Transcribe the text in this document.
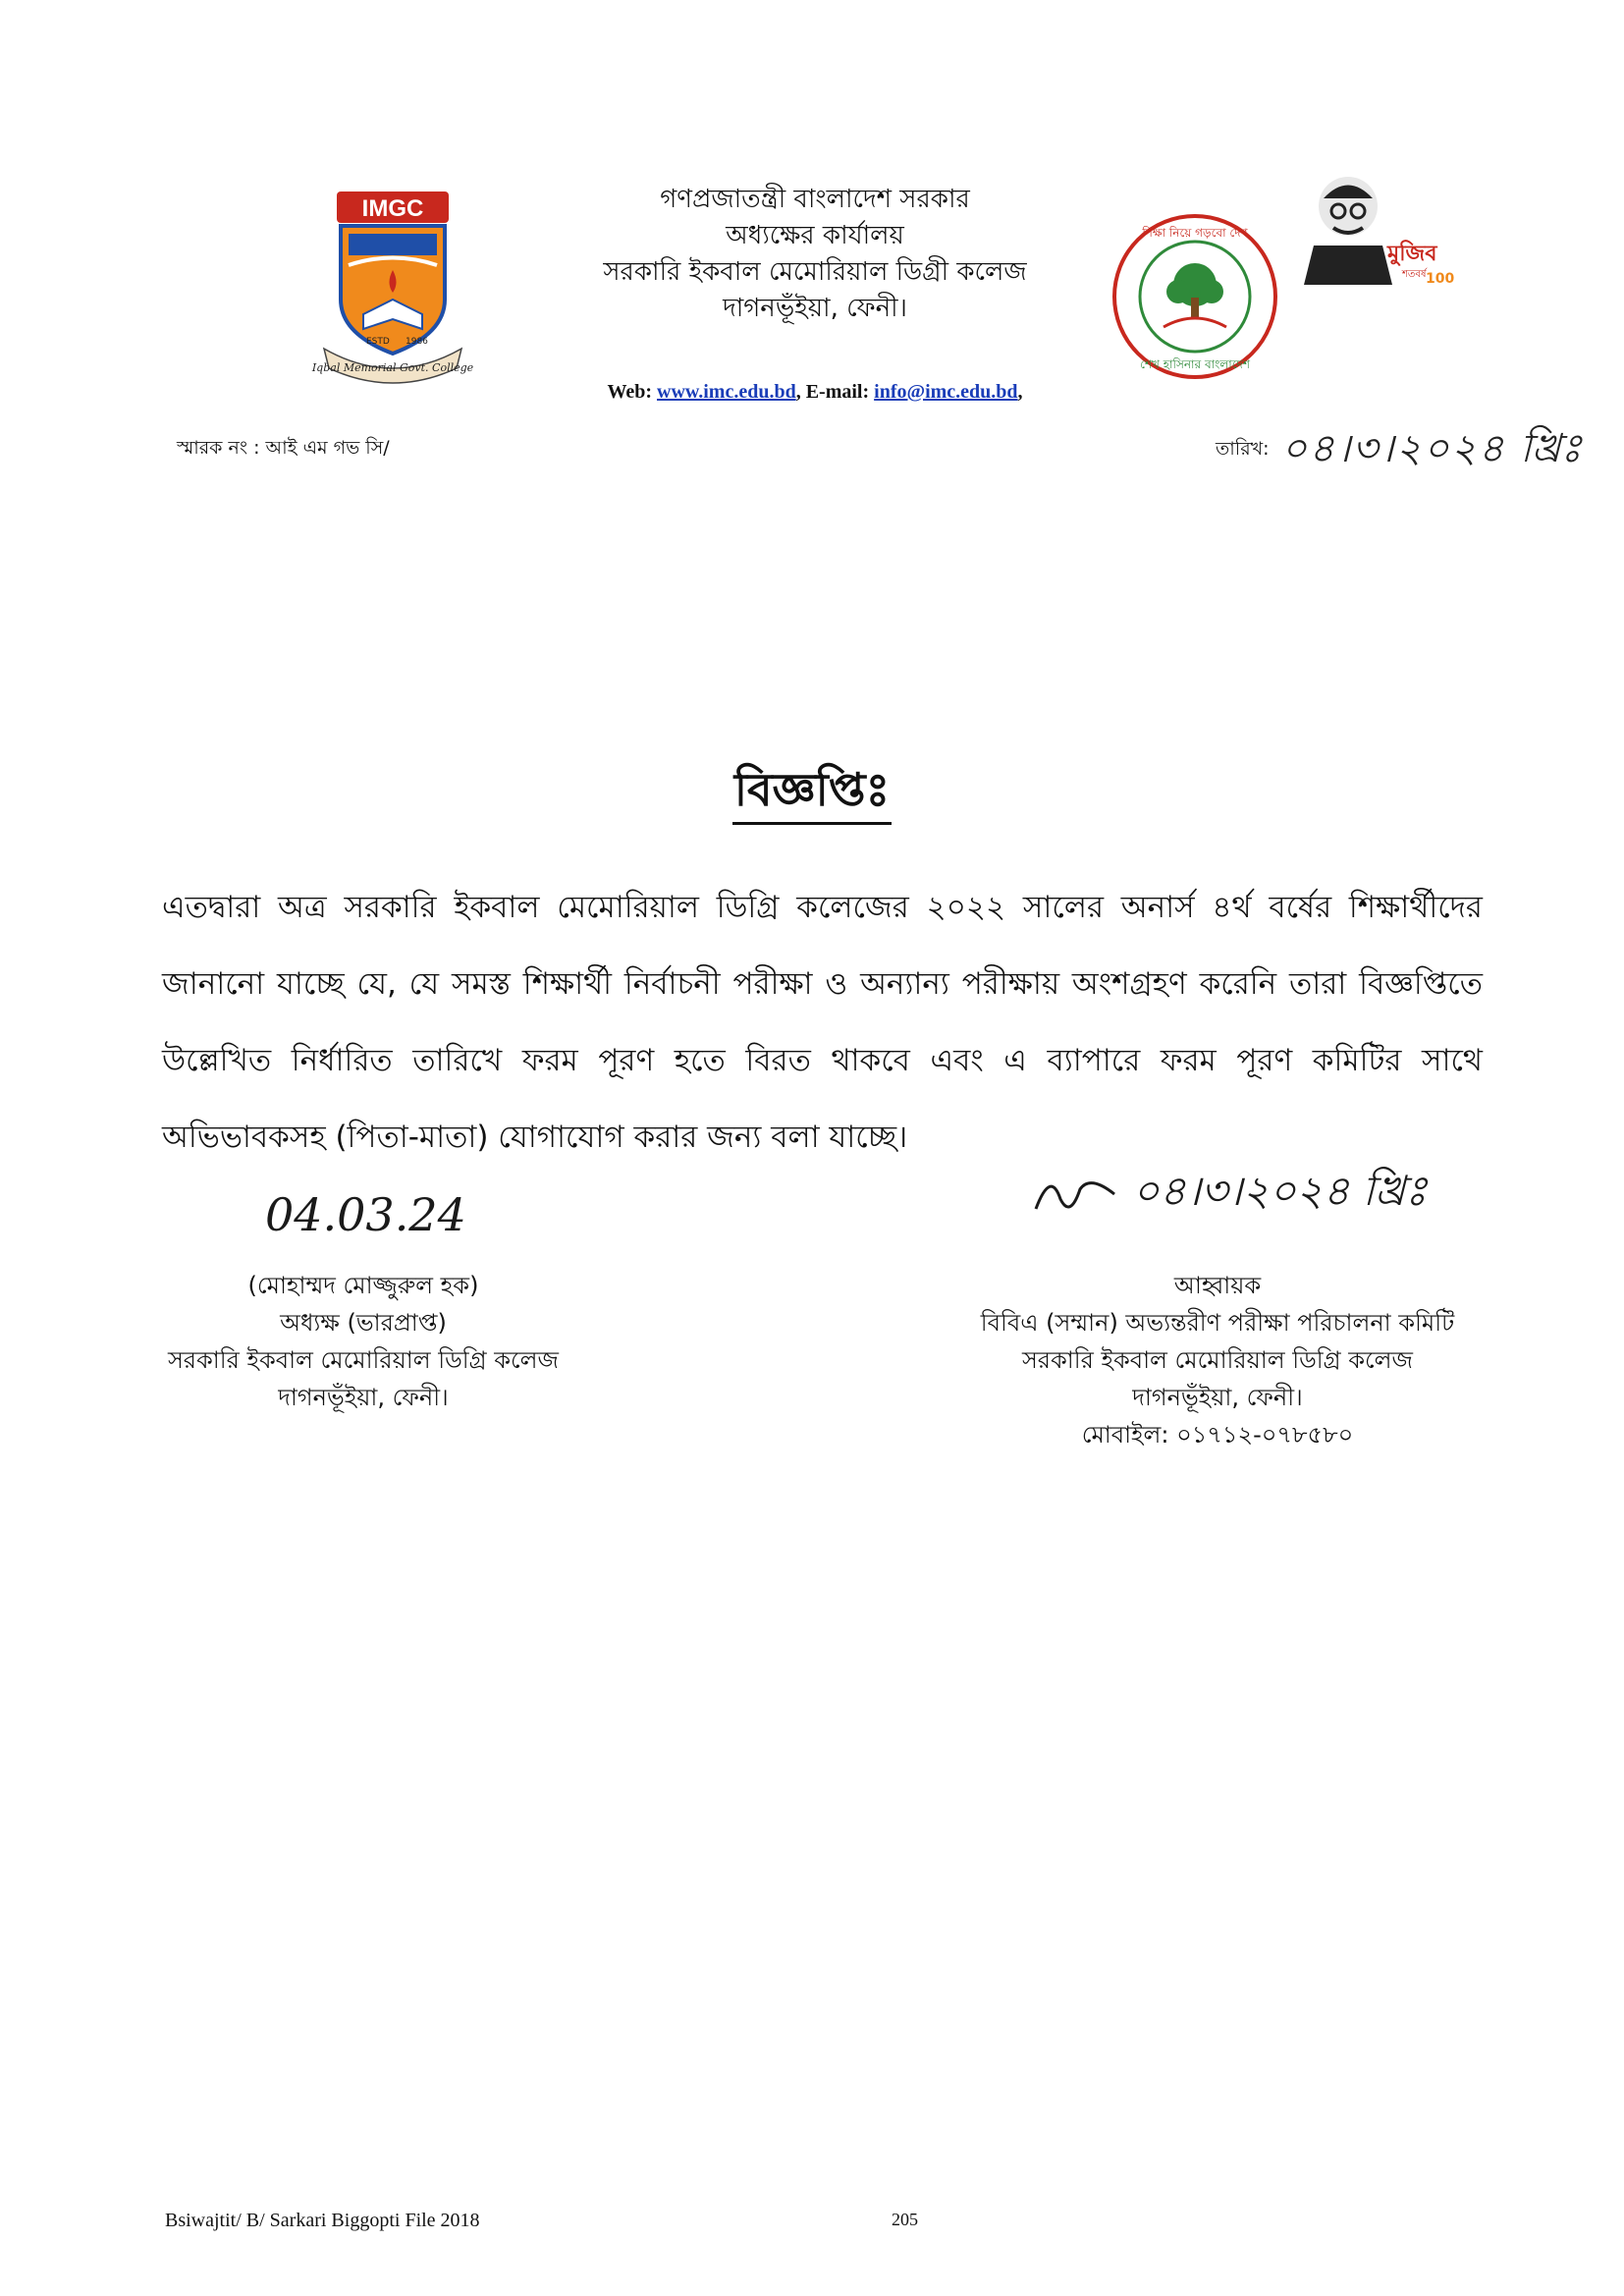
IMGC
ESTD 1986
Iqbal Memorial Govt. College
শিক্ষা নিয়ে গড়বো দেশ
শেখ হাসিনার বাংলাদেশ
মুজিব
শতবর্ষ 100
গণপ্রজাতন্ত্রী বাংলাদেশ সরকার
অধ্যক্ষের কার্যালয়
সরকারি ইকবাল মেমোরিয়াল ডিগ্রী কলেজ
দাগনভূঁইয়া, ফেনী।
Web: www.imc.edu.bd, E-mail: info@imc.edu.bd,
স্মারক নং : আই এম গভ সি/	তারিখ: ০৪।৩।২০২৪ খ্রিঃ
বিজ্ঞপ্তিঃ
এতদ্বারা অত্র সরকারি ইকবাল মেমোরিয়াল ডিগ্রি কলেজের ২০২২ সালের অনার্স ৪র্থ বর্ষের শিক্ষার্থীদের জানানো যাচ্ছে যে, যে সমস্ত শিক্ষার্থী নির্বাচনী পরীক্ষা ও অন্যান্য পরীক্ষায় অংশগ্রহণ করেনি তারা বিজ্ঞপ্তিতে উল্লেখিত নির্ধারিত তারিখে ফরম পূরণ হতে বিরত থাকবে এবং এ ব্যাপারে ফরম পূরণ কমিটির সাথে অভিভাবকসহ (পিতা-মাতা) যোগাযোগ করার জন্য বলা যাচ্ছে।
04.03.24
(মোহাম্মদ মোজ্জুরুল হক)
অধ্যক্ষ (ভারপ্রাপ্ত)
সরকারি ইকবাল মেমোরিয়াল ডিগ্রি কলেজ
দাগনভূঁইয়া, ফেনী।
০৪।৩।২০২৪ খ্রিঃ
আহ্বায়ক
বিবিএ (সম্মান) অভ্যন্তরীণ পরীক্ষা পরিচালনা কমিটি
সরকারি ইকবাল মেমোরিয়াল ডিগ্রি কলেজ
দাগনভূঁইয়া, ফেনী।
মোবাইল: ০১৭১২-০৭৮৫৮০
Bsiwajtit/ B/ Sarkari Biggopti File 2018	205
